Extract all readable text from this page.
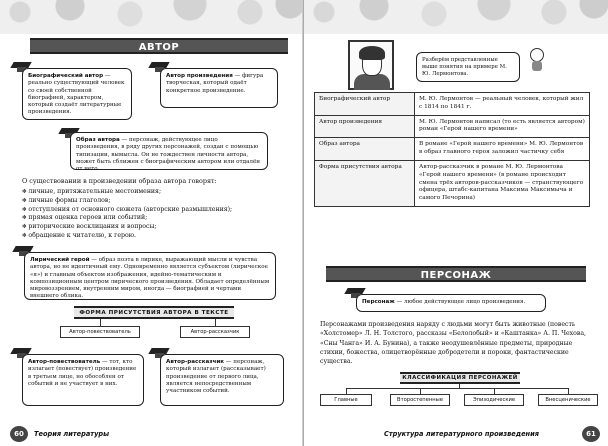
АВТОР
Биографический автор — реально существующий человек со своей собственной биографией, характером, который создаёт литературные произведения.
Автор произведения — фигура творческая, который одаёт конкретное произведение.
Образ автора — персонаж, действующее лицо произведения, в ряду других персонажей, создан с помощью типизации, вымысла. Он не тождествен личности автора, может быть сближен с биографическим автором или отдалён от него.
О существовании в произведении образа автора говорят:
✻ личные, притяжательные местоимения;
✻ личные формы глаголов;
✻ отступления от основного сюжета (авторские размышления);
✻ прямая оценка героев или событий;
✻ риторические восклицания и вопросы;
✻ обращение к читателю, к герою.
Лирический герой — образ поэта в лирике, выражающий мысли и чувства автора, но не идентичный ему. Одновременно является субъектом (лирическое «я») и главным объектом изображения, идейно-тематическим и композиционным центром лирического произведения. Обладает определённым мировоззрением, внутренним миром, иногда — биографией и чертами внешнего облика.
ФОРМА ПРИСУТСТВИЯ АВТОРА В ТЕКСТЕ
Автор-повествователь	Автор-рассказчик
Автор-повествователь — тот, кто излагает (повествует) произведение в третьем лице, но обособлен от событий и не участвует в них.
Автор-рассказчик — персонаж, который излагает (рассказывает) произведение от первого лица, является непосредственным участником событий.
60	Теория литературы
Разберём представленные выше понятия на примере М. Ю. Лермонтова.
Биографический автор	М. Ю. Лермонтов — реальный человек, который жил с 1814 по 1841 г.
Автор произведения	М. Ю. Лермонтов написал (то есть является автором) роман «Герой нашего времени»
Образ автора	В романе «Герой нашего времени» М. Ю. Лермонтов в образ главного героя заложил частичку себя
Форма присутствия автора	Автор-рассказчик в романе М. Ю. Лермонтова «Герой нашего времени» (в романе происходит смена трёх авторов-рассказчиков — странствующего офицера, штабс-капитана Максима Максимыча и самого Печорина)
ПЕРСОНАЖ
Персонаж — любое действующее лицо произведения.
Персонажами произведения наряду с людьми могут быть животные (повесть «Холстомер» Л. Н. Толстого, рассказы «Белолобый» и «Каштанка» А. П. Чехова, «Сны Чанга» И. А. Бунина), а также неодушевлённые предметы, природные стихии, божества, олицетворённые добродетели и пороки, фантастические существа.
КЛАССИФИКАЦИЯ ПЕРСОНАЖЕЙ
Главные	Второстепенные	Эпизодические	Внесценические
Структура литературного произведения	61
